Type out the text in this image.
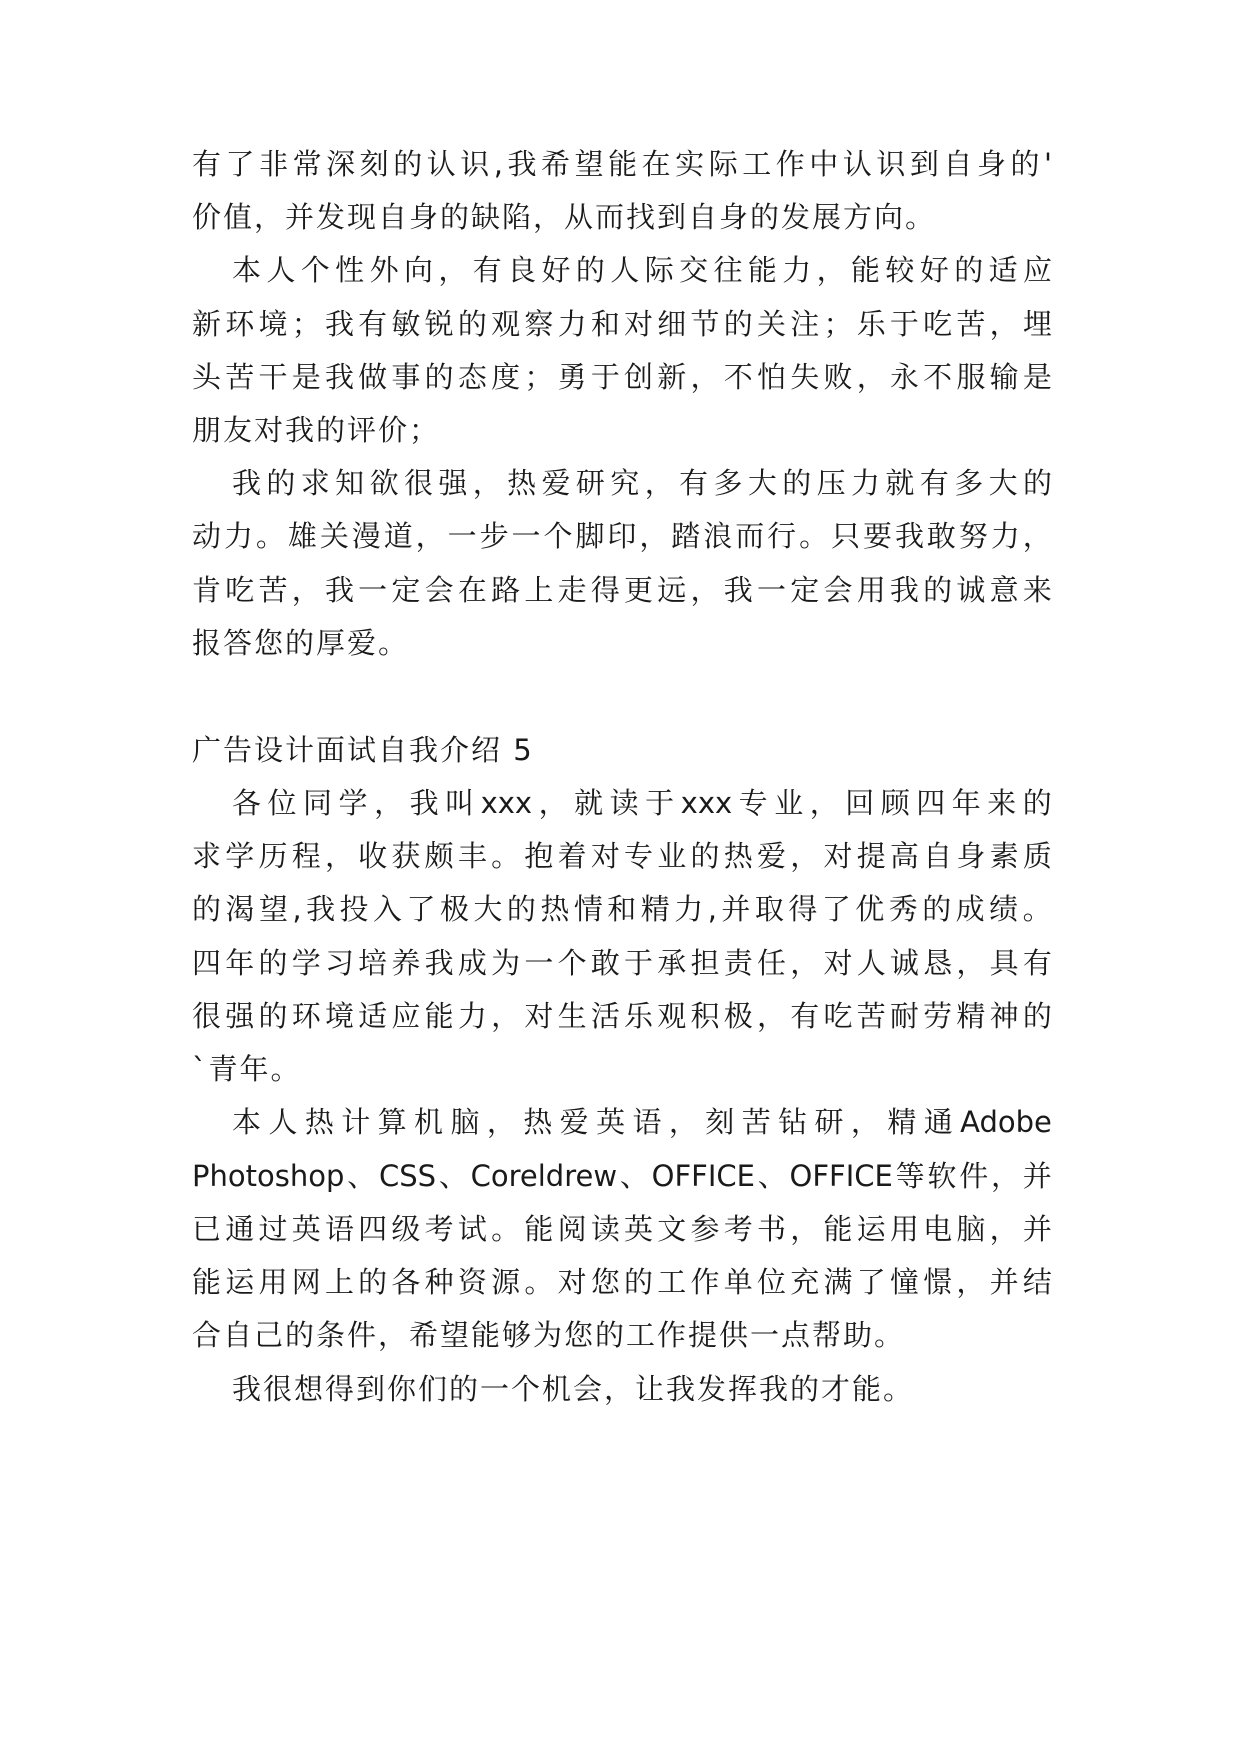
有 了 非 常 深 刻 的 认 识 , 我 希 望 能 在 实 际 工 作 中 认 识 到 自 身 的 '
价值，并发现自身的缺陷，从而找到自身的发展方向。
本 人 个 性 外 向 ， 有 良 好 的 人 际 交 往 能 力 ， 能 较 好 的 适 应
新 环 境 ； 我 有 敏 锐 的 观 察 力 和 对 细 节 的 关 注 ； 乐 于 吃 苦 ， 埋
头 苦 干 是 我 做 事 的 态 度 ； 勇 于 创 新 ， 不 怕 失 败 ， 永 不 服 输 是
朋友对我的评价；
我 的 求 知 欲 很 强 ， 热 爱 研 究 ， 有 多 大 的 压 力 就 有 多 大 的
动 力 。 雄 关 漫 道 ， 一 步 一 个 脚 印 ， 踏 浪 而 行 。 只 要 我 敢 努 力 ，
肯 吃 苦 ， 我 一 定 会 在 路 上 走 得 更 远 ， 我 一 定 会 用 我 的 诚 意 来
报答您的厚爱。
广告设计面试自我介绍 5
各 位 同 学 ， 我 叫 xxx ， 就 读 于 xxx 专 业 ， 回 顾 四 年 来 的
求 学 历 程 ， 收 获 颇 丰 。 抱 着 对 专 业 的 热 爱 ， 对 提 高 自 身 素 质
的 渴 望 , 我 投 入 了 极 大 的 热 情 和 精 力 , 并 取 得 了 优 秀 的 成 绩 。
四 年 的 学 习 培 养 我 成 为 一 个 敢 于 承 担 责 任 ， 对 人 诚 恳 ， 具 有
很 强 的 环 境 适 应 能 力 ， 对 生 活 乐 观 积 极 ， 有 吃 苦 耐 劳 精 神 的
`青年。
本 人 热 计 算 机 脑 ， 热 爱 英 语 ， 刻 苦 钻 研 ， 精 通 Adobe
Photoshop 、 CSS 、 Coreldrew 、 OFFICE 、 OFFICE 等 软 件 ， 并
已 通 过 英 语 四 级 考 试 。 能 阅 读 英 文 参 考 书 ， 能 运 用 电 脑 ， 并
能 运 用 网 上 的 各 种 资 源 。 对 您 的 工 作 单 位 充 满 了 憧 憬 ， 并 结
合自己的条件，希望能够为您的工作提供一点帮助。
我很想得到你们的一个机会，让我发挥我的才能。
